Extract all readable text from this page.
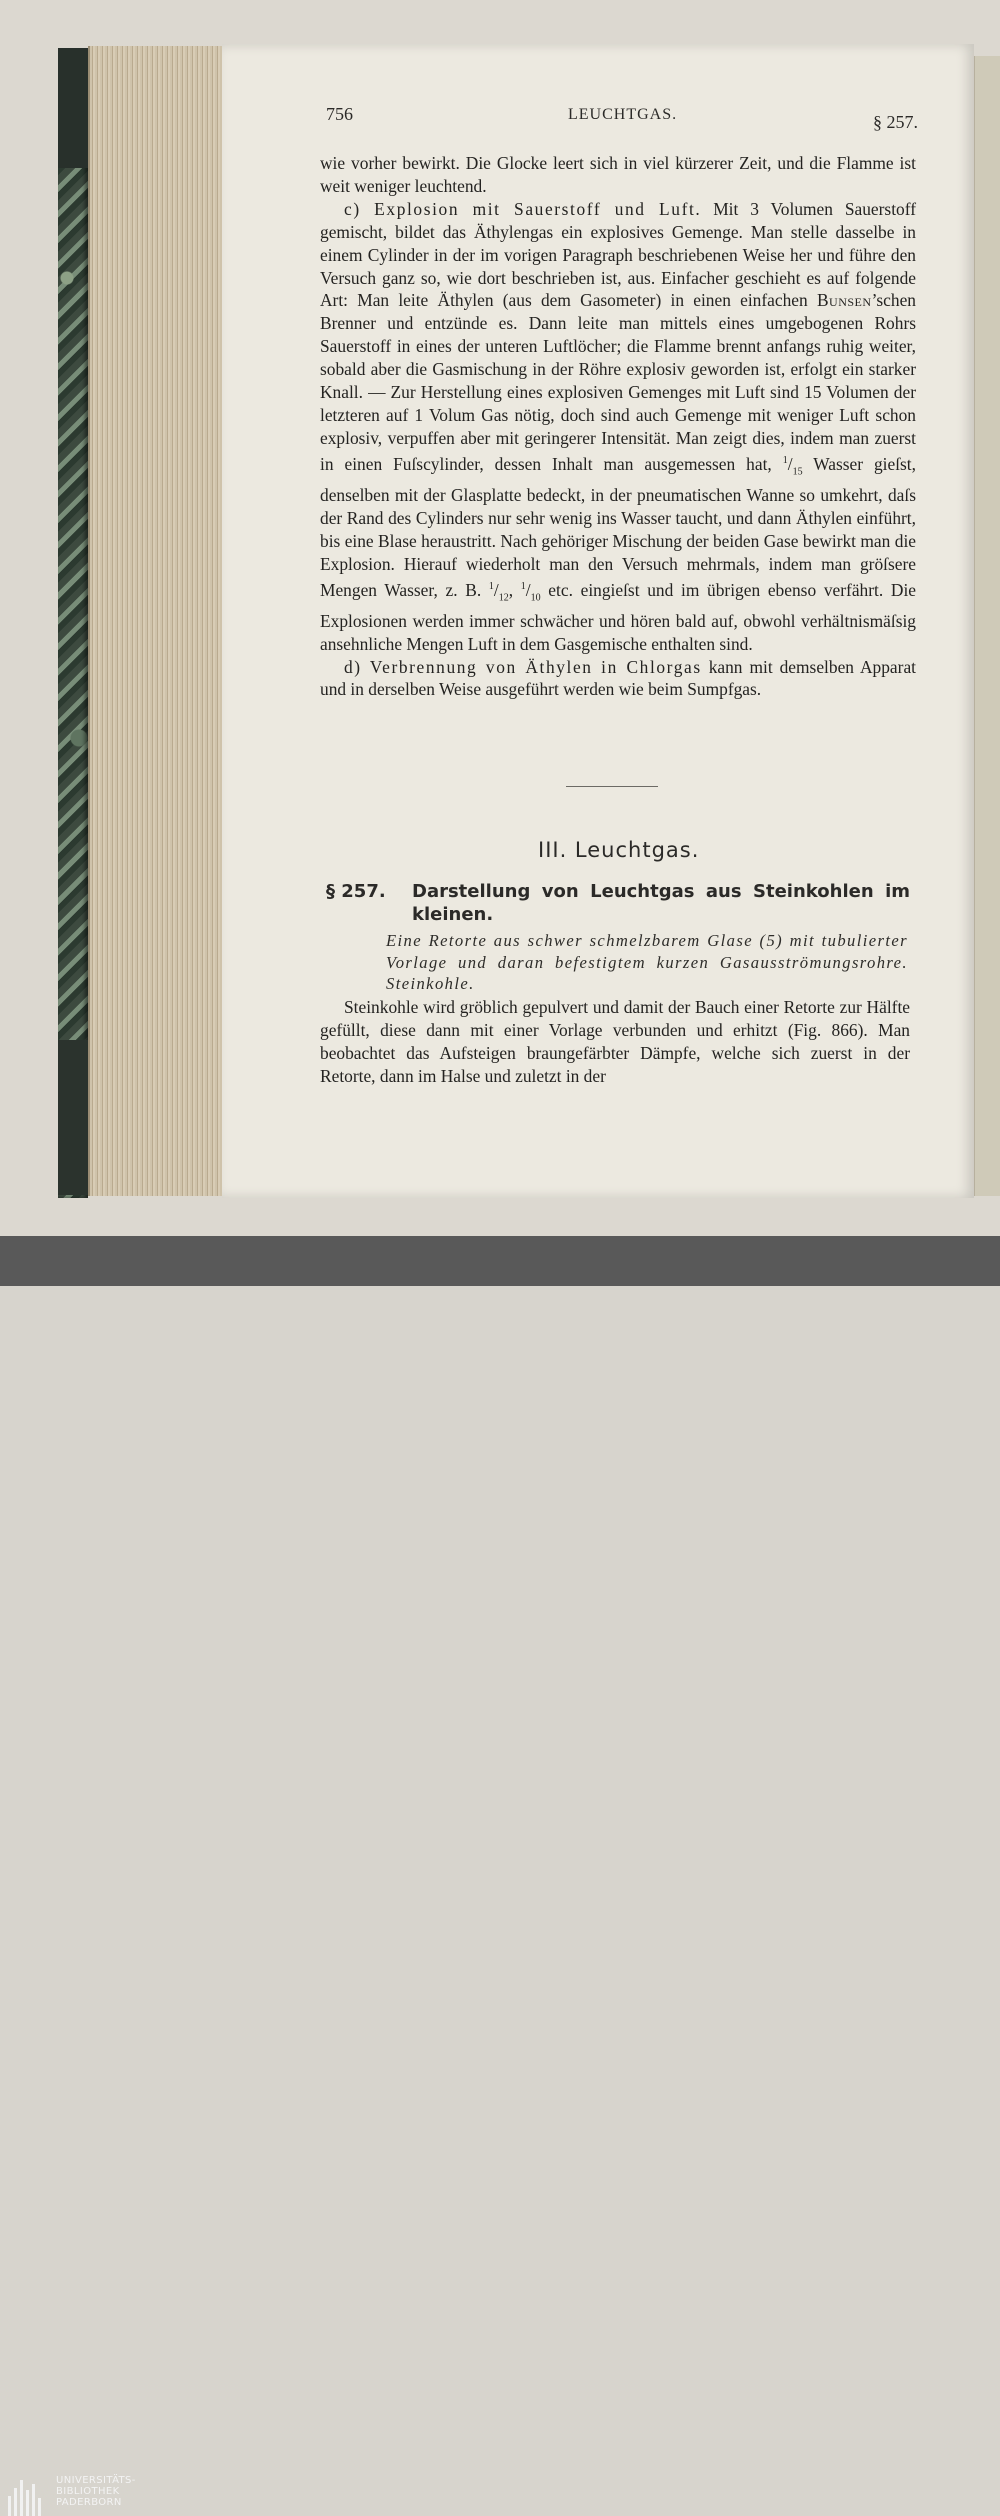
756	LEUCHTGAS.	§ 257.

wie vorher bewirkt. Die Glocke leert sich in viel kürzerer Zeit, und die Flamme ist weit weniger leuchtend.

c) Explosion mit Sauerstoff und Luft. Mit 3 Volumen Sauerstoff gemischt, bildet das Äthylengas ein explosives Gemenge. Man stelle dasselbe in einem Cylinder in der im vorigen Paragraph beschriebenen Weise her und führe den Versuch ganz so, wie dort beschrieben ist, aus. Einfacher geschieht es auf folgende Art: Man leite Äthylen (aus dem Gasometer) in einen einfachen Bunsen’schen Brenner und entzünde es. Dann leite man mittels eines umgebogenen Rohrs Sauerstoff in eines der unteren Luftlöcher; die Flamme brennt anfangs ruhig weiter, sobald aber die Gasmischung in der Röhre explosiv geworden ist, erfolgt ein starker Knall. — Zur Herstellung eines explosiven Gemenges mit Luft sind 15 Volumen der letzteren auf 1 Volum Gas nötig, doch sind auch Gemenge mit weniger Luft schon explosiv, verpuffen aber mit geringerer Intensität. Man zeigt dies, indem man zuerst in einen Fuſscylinder, dessen Inhalt man ausgemessen hat, $^1/_{15}$ Wasser gieſst, denselben mit der Glasplatte bedeckt, in der pneumatischen Wanne so umkehrt, daſs der Rand des Cylinders nur sehr wenig ins Wasser taucht, und dann Äthylen einführt, bis eine Blase heraustritt. Nach gehöriger Mischung der beiden Gase bewirkt man die Explosion. Hierauf wiederholt man den Versuch mehrmals, indem man gröſsere Mengen Wasser, z. B. $^1/_{12}$, $^1/_{10}$ etc. eingieſst und im übrigen ebenso verfährt. Die Explosionen werden immer schwächer und hören bald auf, obwohl verhältnismäſsig ansehnliche Mengen Luft in dem Gasgemische enthalten sind.

d) Verbrennung von Äthylen in Chlorgas kann mit demselben Apparat und in derselben Weise ausgeführt werden wie beim Sumpfgas.

III. Leuchtgas.
§ 257. Darstellung von Leuchtgas aus Steinkohlen im kleinen.
Eine Retorte aus schwer schmelzbarem Glase (5) mit tubulierter Vorlage und daran befestigtem kurzen Gasausströmungsrohre. Steinkohle.

Steinkohle wird gröblich gepulvert und damit der Bauch einer Retorte zur Hälfte gefüllt, diese dann mit einer Vorlage verbunden und erhitzt (Fig. 866). Man beobachtet das Aufsteigen braungefärbter Dämpfe, welche sich zuerst in der Retorte, dann im Halse und zuletzt in der

UNIVERSITÄTS-
BIBLIOTHEK
PADERBORN
